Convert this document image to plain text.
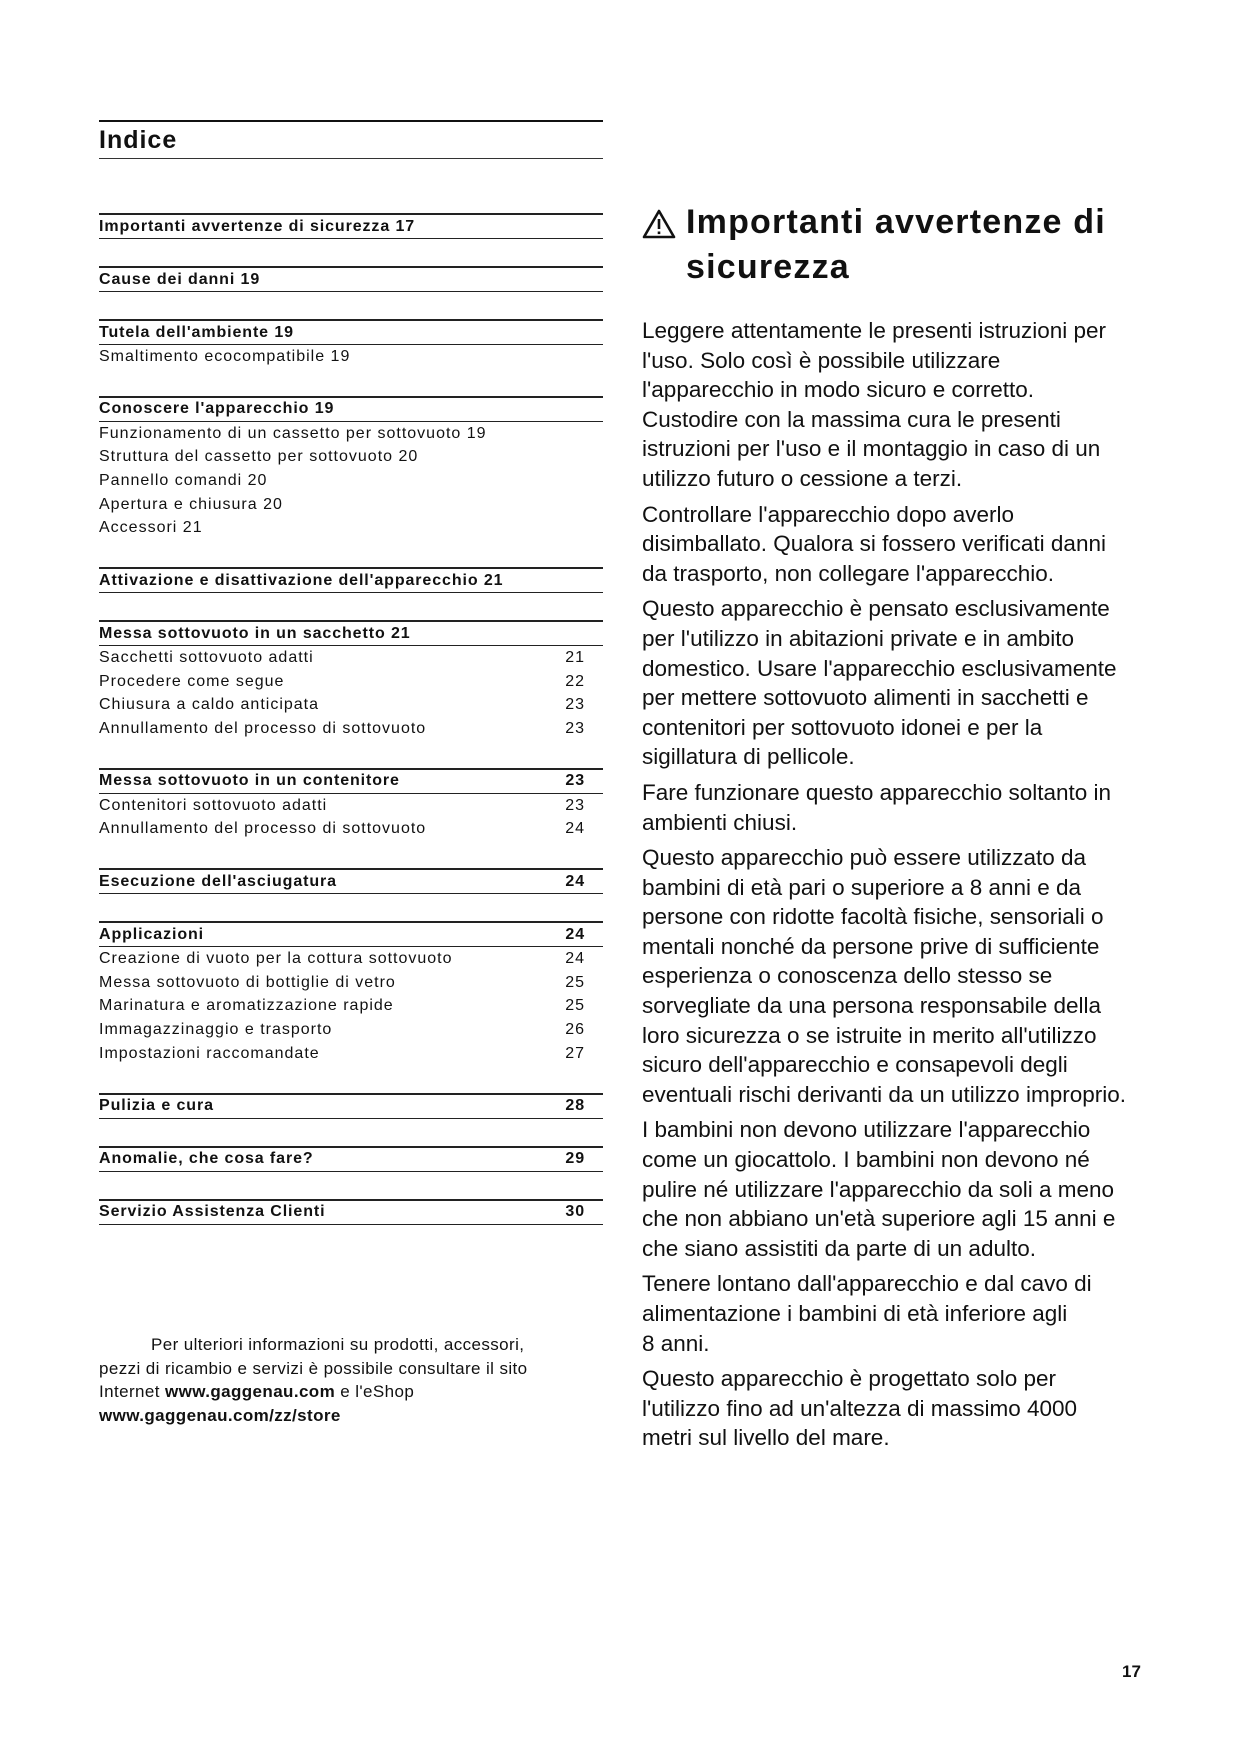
Indice
Importanti avvertenze di sicurezza 17
Cause dei danni 19
Tutela dell'ambiente 19
Smaltimento ecocompatibile 19
Conoscere l'apparecchio 19
Funzionamento di un cassetto per sottovuoto 19
Struttura del cassetto per sottovuoto 20
Pannello comandi 20
Apertura e chiusura 20
Accessori 21
Attivazione e disattivazione dell'apparecchio 21
Messa sottovuoto in un sacchetto 21
Sacchetti sottovuoto adatti	21
Procedere come segue	22
Chiusura a caldo anticipata	23
Annullamento del processo di sottovuoto	23
Messa sottovuoto in un contenitore	23
Contenitori sottovuoto adatti	23
Annullamento del processo di sottovuoto	24
Esecuzione dell'asciugatura	24
Applicazioni	24
Creazione di vuoto per la cottura sottovuoto	24
Messa sottovuoto di bottiglie di vetro	25
Marinatura e aromatizzazione rapide	25
Immagazzinaggio e trasporto	26
Impostazioni raccomandate	27
Pulizia e cura	28
Anomalie, che cosa fare?	29
Servizio Assistenza Clienti	30
Per ulteriori informazioni su prodotti, accessori,
pezzi di ricambio e servizi è possibile consultare il sito
Internet www.gaggenau.com e l'eShop
www.gaggenau.com/zz/store
Importanti avvertenze di
sicurezza
Leggere attentamente le presenti istruzioni per
l'uso. Solo così è possibile utilizzare
l'apparecchio in modo sicuro e corretto.
Custodire con la massima cura le presenti
istruzioni per l'uso e il montaggio in caso di un
utilizzo futuro o cessione a terzi.
Controllare l'apparecchio dopo averlo
disimballato. Qualora si fossero verificati danni
da trasporto, non collegare l'apparecchio.
Questo apparecchio è pensato esclusivamente
per l'utilizzo in abitazioni private e in ambito
domestico. Usare l'apparecchio esclusivamente
per mettere sottovuoto alimenti in sacchetti e
contenitori per sottovuoto idonei e per la
sigillatura di pellicole.
Fare funzionare questo apparecchio soltanto in
ambienti chiusi.
Questo apparecchio può essere utilizzato da
bambini di età pari o superiore a 8 anni e da
persone con ridotte facoltà fisiche, sensoriali o
mentali nonché da persone prive di sufficiente
esperienza o conoscenza dello stesso se
sorvegliate da una persona responsabile della
loro sicurezza o se istruite in merito all'utilizzo
sicuro dell'apparecchio e consapevoli degli
eventuali rischi derivanti da un utilizzo improprio.
I bambini non devono utilizzare l'apparecchio
come un giocattolo. I bambini non devono né
pulire né utilizzare l'apparecchio da soli a meno
che non abbiano un'età superiore agli 15 anni e
che siano assistiti da parte di un adulto.
Tenere lontano dall'apparecchio e dal cavo di
alimentazione i bambini di età inferiore agli
8 anni.
Questo apparecchio è progettato solo per
l'utilizzo fino ad un'altezza di massimo 4000
metri sul livello del mare.
17
